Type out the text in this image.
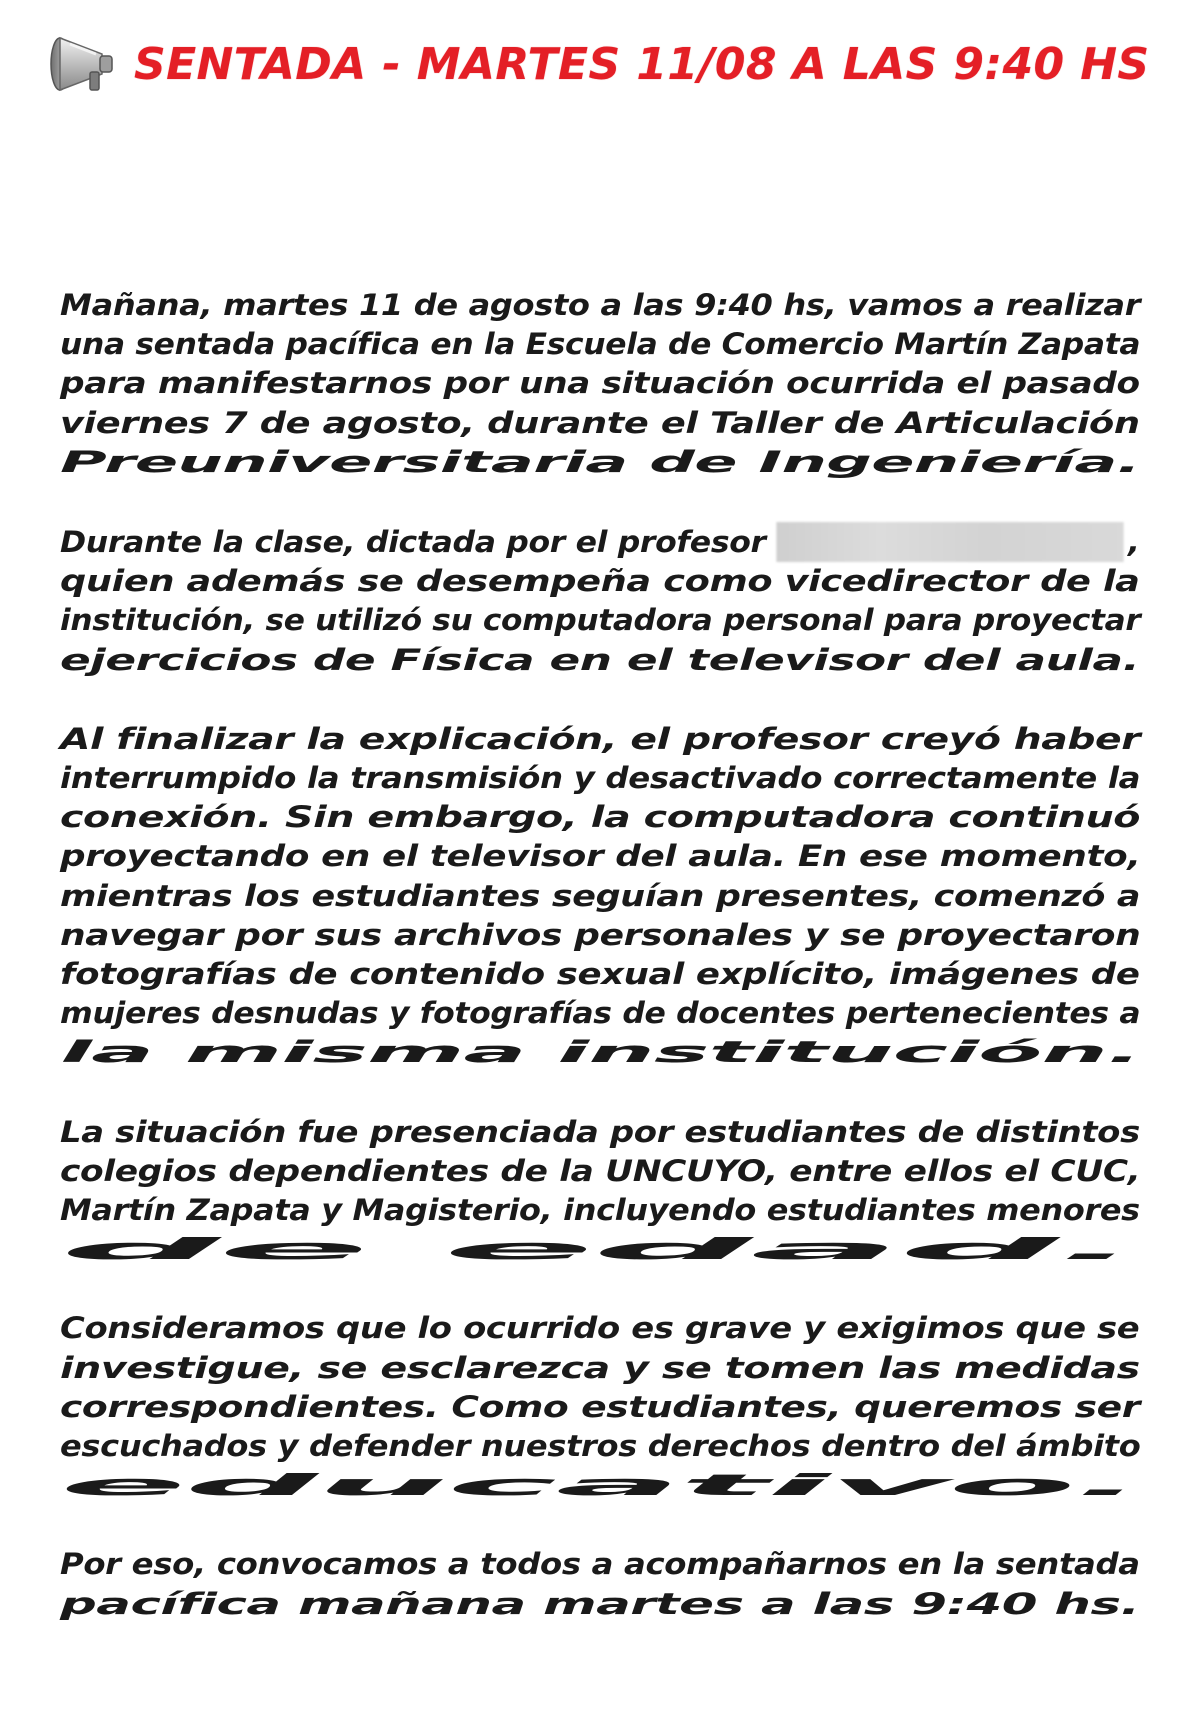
SENTADA - MARTES 11/08 A LAS 9:40 HS

Mañana, martes 11 de agosto a las 9:40 hs, vamos a realizar
una sentada pacífica en la Escuela de Comercio Martín Zapata
para manifestarnos por una situación ocurrida el pasado
viernes 7 de agosto, durante el Taller de Articulación
Preuniversitaria de Ingeniería.

Durante la clase, dictada por el profesor	,
quien además se desempeña como vicedirector de la
institución, se utilizó su computadora personal para proyectar
ejercicios de Física en el televisor del aula.

Al finalizar la explicación, el profesor creyó haber
interrumpido la transmisión y desactivado correctamente la
conexión. Sin embargo, la computadora continuó
proyectando en el televisor del aula. En ese momento,
mientras los estudiantes seguían presentes, comenzó a
navegar por sus archivos personales y se proyectaron
fotografías de contenido sexual explícito, imágenes de
mujeres desnudas y fotografías de docentes pertenecientes a
la misma institución.

La situación fue presenciada por estudiantes de distintos
colegios dependientes de la UNCUYO, entre ellos el CUC,
Martín Zapata y Magisterio, incluyendo estudiantes menores
de edad.

Consideramos que lo ocurrido es grave y exigimos que se
investigue, se esclarezca y se tomen las medidas
correspondientes. Como estudiantes, queremos ser
escuchados y defender nuestros derechos dentro del ámbito
educativo.

Por eso, convocamos a todos a acompañarnos en la sentada
pacífica mañana martes a las 9:40 hs.
